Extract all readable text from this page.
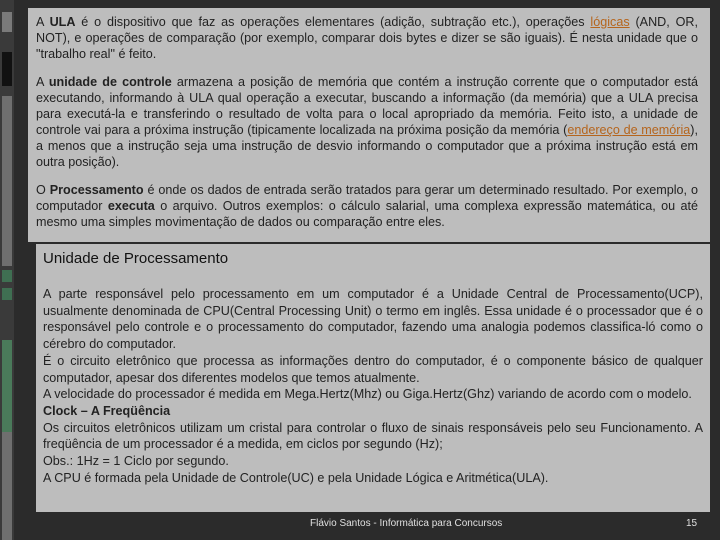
A ULA é o dispositivo que faz as operações elementares (adição, subtração etc.), operações lógicas (AND, OR, NOT), e operações de comparação (por exemplo, comparar dois bytes e dizer se são iguais). É nesta unidade que o "trabalho real" é feito.

A unidade de controle armazena a posição de memória que contém a instrução corrente que o computador está executando, informando à ULA qual operação a executar, buscando a informação (da memória) que a ULA precisa para executá-la e transferindo o resultado de volta para o local apropriado da memória. Feito isto, a unidade de controle vai para a próxima instrução (tipicamente localizada na próxima posição da memória (endereço de memória), a menos que a instrução seja uma instrução de desvio informando o computador que a próxima instrução está em outra posição).

O Processamento é onde os dados de entrada serão tratados para gerar um determinado resultado. Por exemplo, o computador executa o arquivo. Outros exemplos: o cálculo salarial, uma complexa expressão matemática, ou até mesmo uma simples movimentação de dados ou comparação entre eles.

Unidade de Processamento

A parte responsável pelo processamento em um computador é a Unidade Central de Processamento(UCP), usualmente denominada de CPU(Central Processing Unit) o termo em inglês. Essa unidade é o processador que é o responsável pelo controle e o processamento do computador, fazendo uma analogia podemos classifica-ló como o cérebro do computador.

É o circuito eletrônico que processa as informações dentro do computador, é o componente básico de qualquer computador, apesar dos diferentes modelos que temos atualmente.

A velocidade do processador é medida em Mega.Hertz(Mhz) ou Giga.Hertz(Ghz) variando de acordo com o modelo.

Clock – A Freqüência

Os circuitos eletrônicos utilizam um cristal para controlar o fluxo de sinais responsáveis pelo seu Funcionamento. A freqüência de um processador é a medida, em ciclos por segundo (Hz);

Obs.: 1Hz = 1 Ciclo por segundo.

A CPU é formada pela Unidade de Controle(UC) e pela Unidade Lógica e Aritmética(ULA).

Flávio Santos - Informática para Concursos	15
